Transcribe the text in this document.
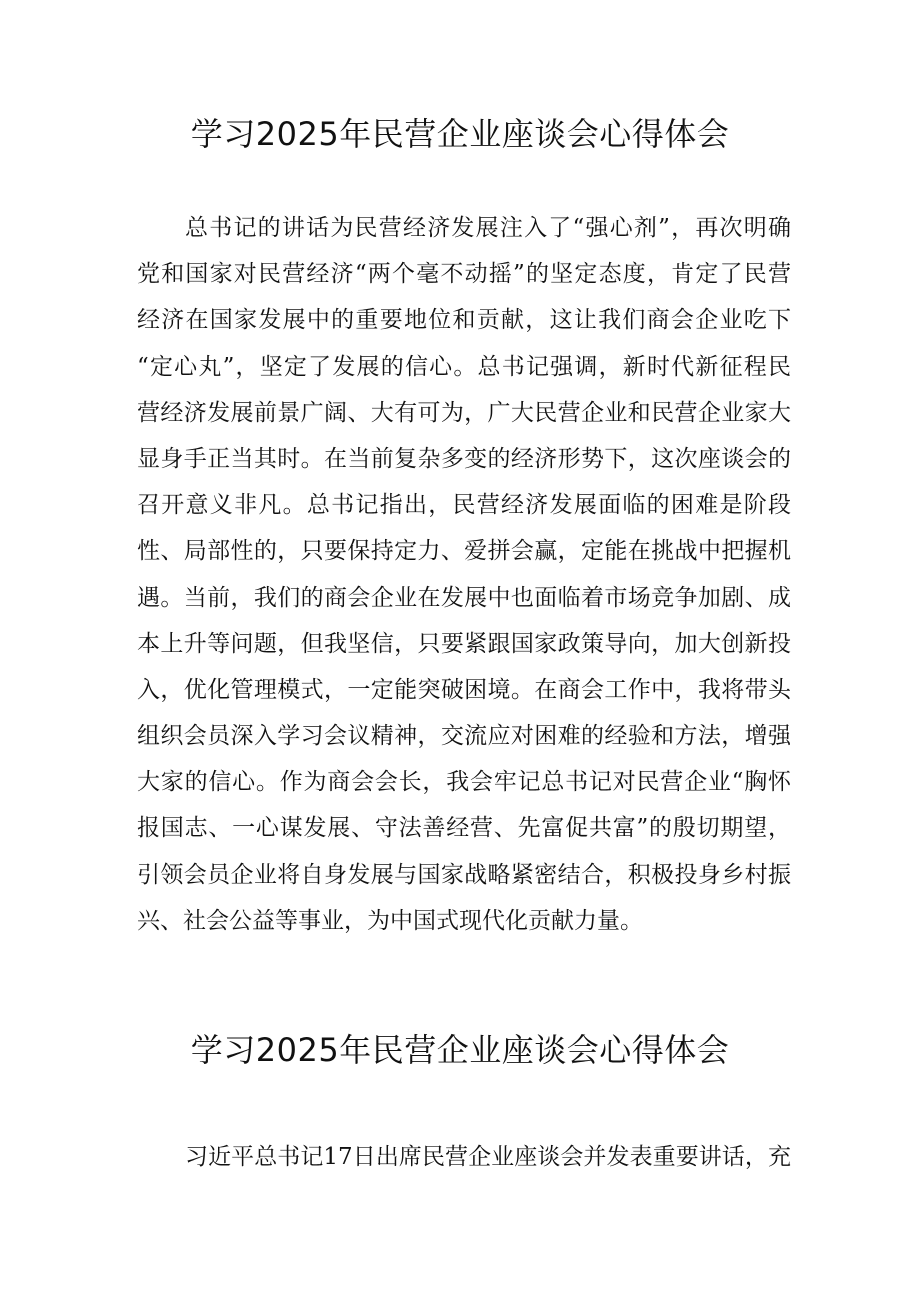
学习2025年民营企业座谈会心得体会
总书记的讲话为民营经济发展注入了“强心剂”，再次明确
党和国家对民营经济“两个毫不动摇”的坚定态度，肯定了民营
经济在国家发展中的重要地位和贡献，这让我们商会企业吃下
“定心丸”，坚定了发展的信心。总书记强调，新时代新征程民
营经济发展前景广阔、大有可为，广大民营企业和民营企业家大
显身手正当其时。在当前复杂多变的经济形势下，这次座谈会的
召开意义非凡。总书记指出，民营经济发展面临的困难是阶段
性、局部性的，只要保持定力、爱拼会赢，定能在挑战中把握机
遇。当前，我们的商会企业在发展中也面临着市场竞争加剧、成
本上升等问题，但我坚信，只要紧跟国家政策导向，加大创新投
入，优化管理模式，一定能突破困境。在商会工作中，我将带头
组织会员深入学习会议精神，交流应对困难的经验和方法，增强
大家的信心。作为商会会长，我会牢记总书记对民营企业“胸怀
报国志、一心谋发展、守法善经营、先富促共富”的殷切期望，
引领会员企业将自身发展与国家战略紧密结合，积极投身乡村振
兴、社会公益等事业，为中国式现代化贡献力量。
学习2025年民营企业座谈会心得体会
习近平总书记17日出席民营企业座谈会并发表重要讲话，充
